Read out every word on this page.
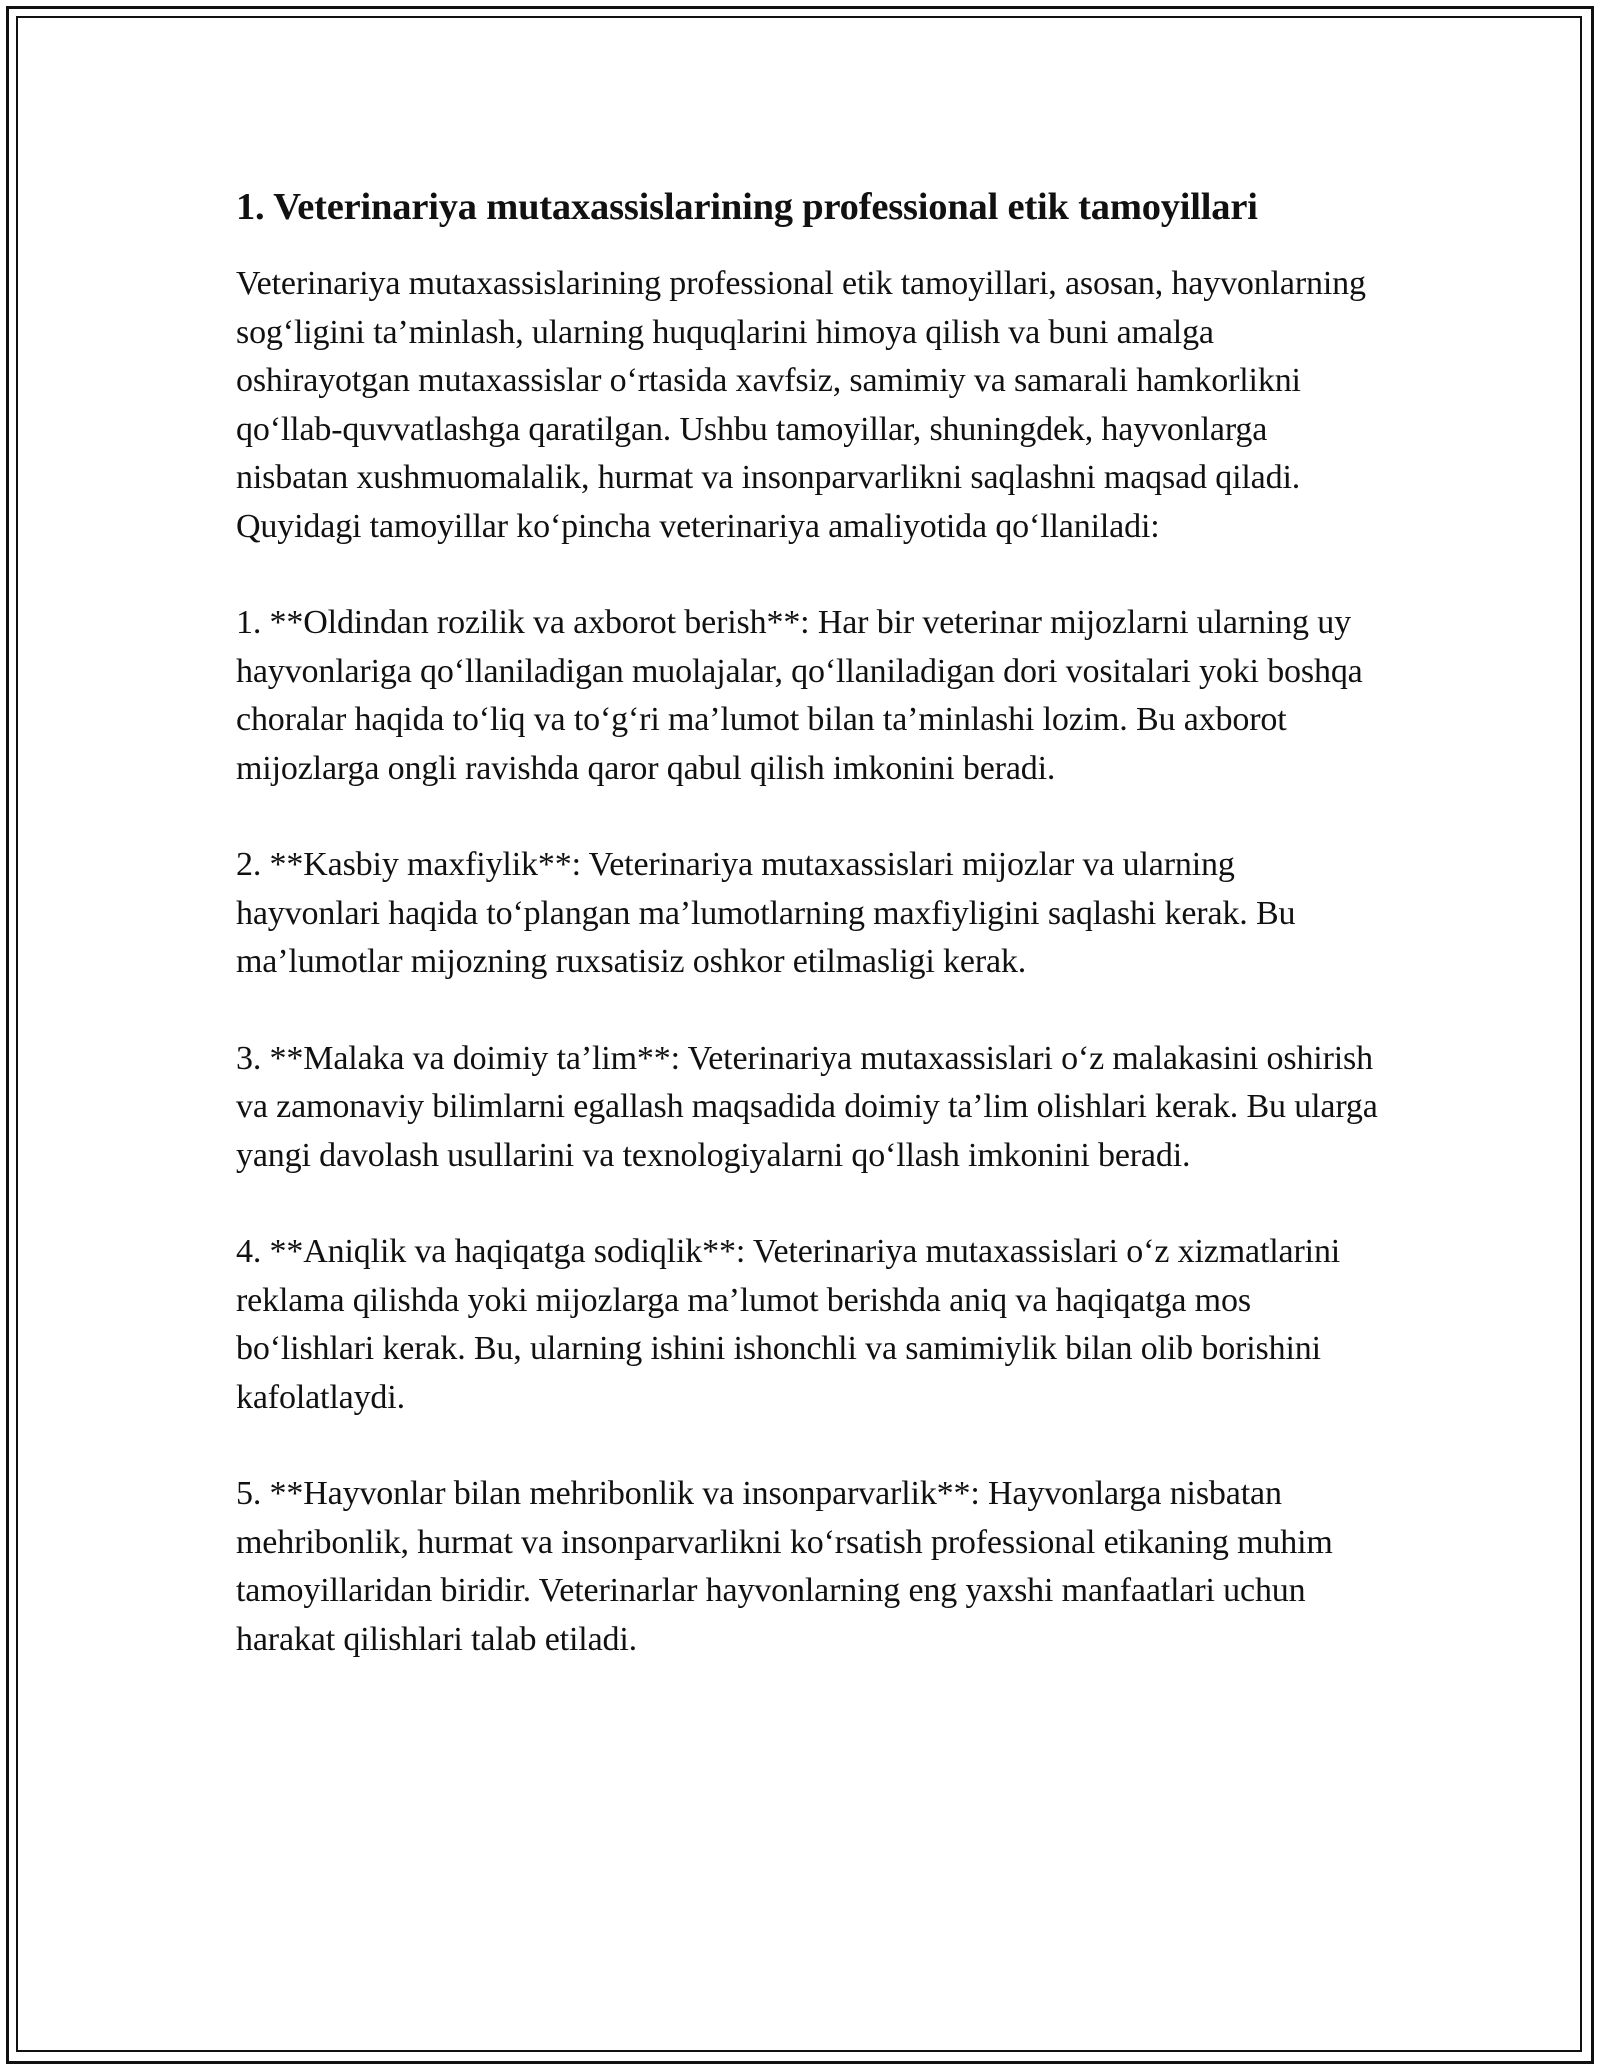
1. Veterinariya mutaxassislarining professional etik tamoyillari

Veterinariya mutaxassislarining professional etik tamoyillari, asosan, hayvonlarning sog‘ligini ta’minlash, ularning huquqlarini himoya qilish va buni amalga oshirayotgan mutaxassislar o‘rtasida xavfsiz, samimiy va samarali hamkorlikni qo‘llab-quvvatlashga qaratilgan. Ushbu tamoyillar, shuningdek, hayvonlarga nisbatan xushmuomalalik, hurmat va insonparvarlikni saqlashni maqsad qiladi. Quyidagi tamoyillar ko‘pincha veterinariya amaliyotida qo‘llaniladi:

1. **Oldindan rozilik va axborot berish**: Har bir veterinar mijozlarni ularning uy hayvonlariga qo‘llaniladigan muolajalar, qo‘llaniladigan dori vositalari yoki boshqa choralar haqida to‘liq va to‘g‘ri ma’lumot bilan ta’minlashi lozim. Bu axborot mijozlarga ongli ravishda qaror qabul qilish imkonini beradi.

2. **Kasbiy maxfiylik**: Veterinariya mutaxassislari mijozlar va ularning hayvonlari haqida to‘plangan ma’lumotlarning maxfiyligini saqlashi kerak. Bu ma’lumotlar mijozning ruxsatisiz oshkor etilmasligi kerak.

3. **Malaka va doimiy ta’lim**: Veterinariya mutaxassislari o‘z malakasini oshirish va zamonaviy bilimlarni egallash maqsadida doimiy ta’lim olishlari kerak. Bu ularga yangi davolash usullarini va texnologiyalarni qo‘llash imkonini beradi.

4. **Aniqlik va haqiqatga sodiqlik**: Veterinariya mutaxassislari o‘z xizmatlarini reklama qilishda yoki mijozlarga ma’lumot berishda aniq va haqiqatga mos bo‘lishlari kerak. Bu, ularning ishini ishonchli va samimiylik bilan olib borishini kafolatlaydi.

5. **Hayvonlar bilan mehribonlik va insonparvarlik**: Hayvonlarga nisbatan mehribonlik, hurmat va insonparvarlikni ko‘rsatish professional etikaning muhim tamoyillaridan biridir. Veterinarlar hayvonlarning eng yaxshi manfaatlari uchun harakat qilishlari talab etiladi.
